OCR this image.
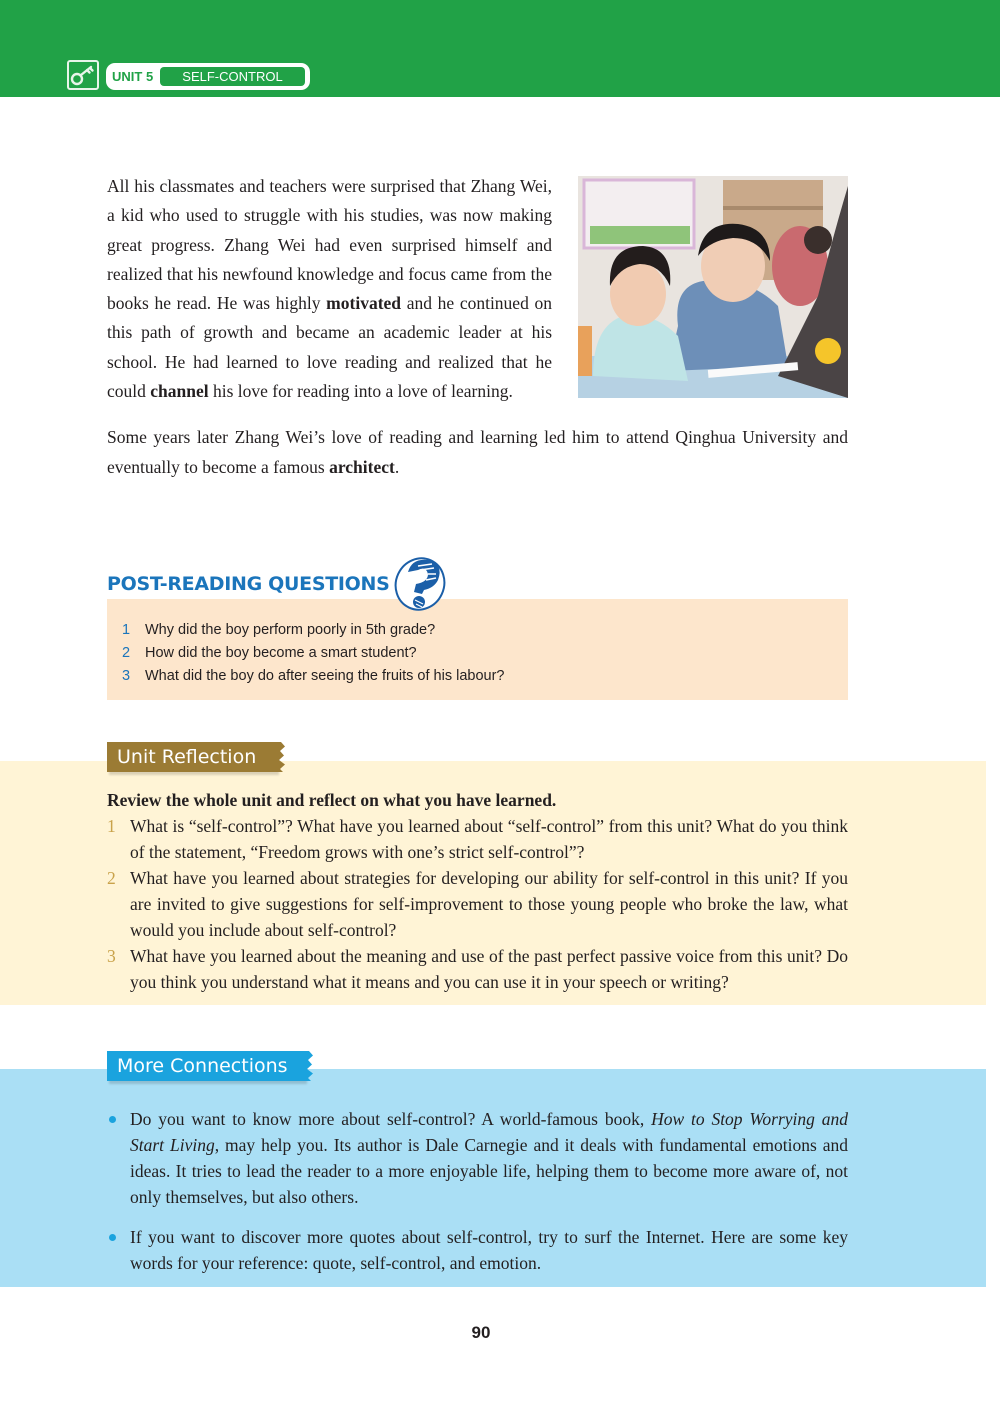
UNIT 5	SELF-CONTROL

All his classmates and teachers were surprised that Zhang Wei, a kid who used to struggle with his studies, was now making great progress. Zhang Wei had even surprised himself and realized that his newfound knowledge and focus came from the books he read. He was highly motivated and he continued on this path of growth and became an academic leader at his school. He had learned to love reading and realized that he could channel his love for reading into a love of learning.

Some years later Zhang Wei’s love of reading and learning led him to attend Qinghua University and eventually to become a famous architect.

POST-READING QUESTIONS
1 Why did the boy perform poorly in 5th grade?
2 How did the boy become a smart student?
3 What did the boy do after seeing the fruits of his labour?
Unit Reflection
Review the whole unit and reflect on what you have learned.
1 What is “self-control”? What have you learned about “self-control” from this unit? What do you think of the statement, “Freedom grows with one’s strict self-control”?
2 What have you learned about strategies for developing our ability for self-control in this unit? If you are invited to give suggestions for self-improvement to those young people who broke the law, what would you include about self-control?
3 What have you learned about the meaning and use of the past perfect passive voice from this unit? Do you think you understand what it means and you can use it in your speech or writing?
More Connections
Do you want to know more about self-control? A world-famous book, How to Stop Worrying and Start Living, may help you. Its author is Dale Carnegie and it deals with fundamental emotions and ideas. It tries to lead the reader to a more enjoyable life, helping them to become more aware of, not only themselves, but also others.
If you want to discover more quotes about self-control, try to surf the Internet. Here are some key words for your reference: quote, self-control, and emotion.
90
